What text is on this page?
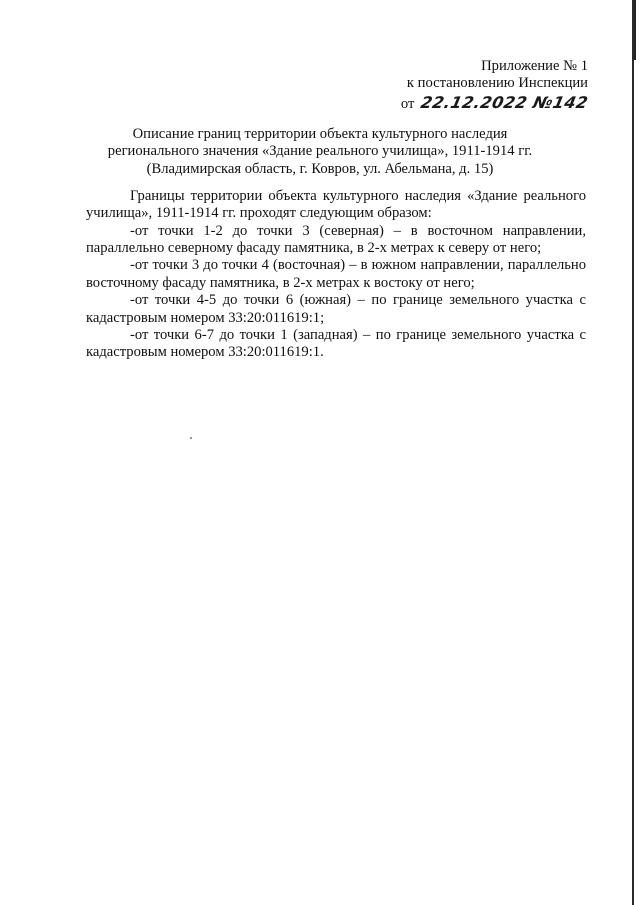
Приложение № 1
к постановлению Инспекции
от 22.12.2022 №142
Описание границ территории объекта культурного наследия
регионального значения «Здание реального училища», 1911-1914 гг.
(Владимирская область, г. Ковров, ул. Абельмана, д. 15)

Границы территории объекта культурного наследия «Здание реального училища», 1911-1914 гг. проходят следующим образом:

-от точки 1-2 до точки 3 (северная) – в восточном направлении, параллельно северному фасаду памятника, в 2-х метрах к северу от него;

-от точки 3 до точки 4 (восточная) – в южном направлении, параллельно восточному фасаду памятника, в 2-х метрах к востоку от него;

-от точки 4-5 до точки 6 (южная) – по границе земельного участка с кадастровым номером 33:20:011619:1;

-от точки 6-7 до точки 1 (западная) – по границе земельного участка с кадастровым номером 33:20:011619:1.
